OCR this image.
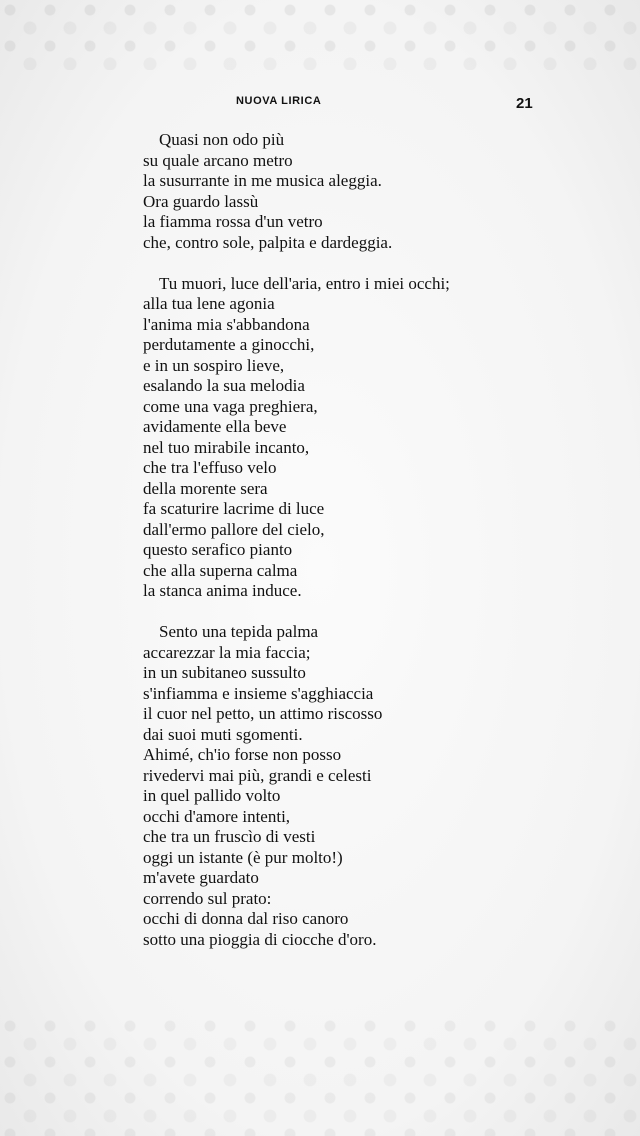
NUOVA LIRICA	21
Quasi non odo più
su quale arcano metro
la susurrante in me musica aleggia.
Ora guardo lassù
la fiamma rossa d'un vetro
che, contro sole, palpita e dardeggia.
Tu muori, luce dell'aria, entro i miei occhi;
alla tua lene agonia
l'anima mia s'abbandona
perdutamente a ginocchi,
e in un sospiro lieve,
esalando la sua melodia
come una vaga preghiera,
avidamente ella beve
nel tuo mirabile incanto,
che tra l'effuso velo
della morente sera
fa scaturire lacrime di luce
dall'ermo pallore del cielo,
questo serafico pianto
che alla superna calma
la stanca anima induce.
Sento una tepida palma
accarezzar la mia faccia;
in un subitaneo sussulto
s'infiamma e insieme s'agghiaccia
il cuor nel petto, un attimo riscosso
dai suoi muti sgomenti.
Ahimé, ch'io forse non posso
rivedervi mai più, grandi e celesti
in quel pallido volto
occhi d'amore intenti,
che tra un fruscìo di vesti
oggi un istante (è pur molto!)
m'avete guardato
correndo sul prato:
occhi di donna dal riso canoro
sotto una pioggia di ciocche d'oro.
